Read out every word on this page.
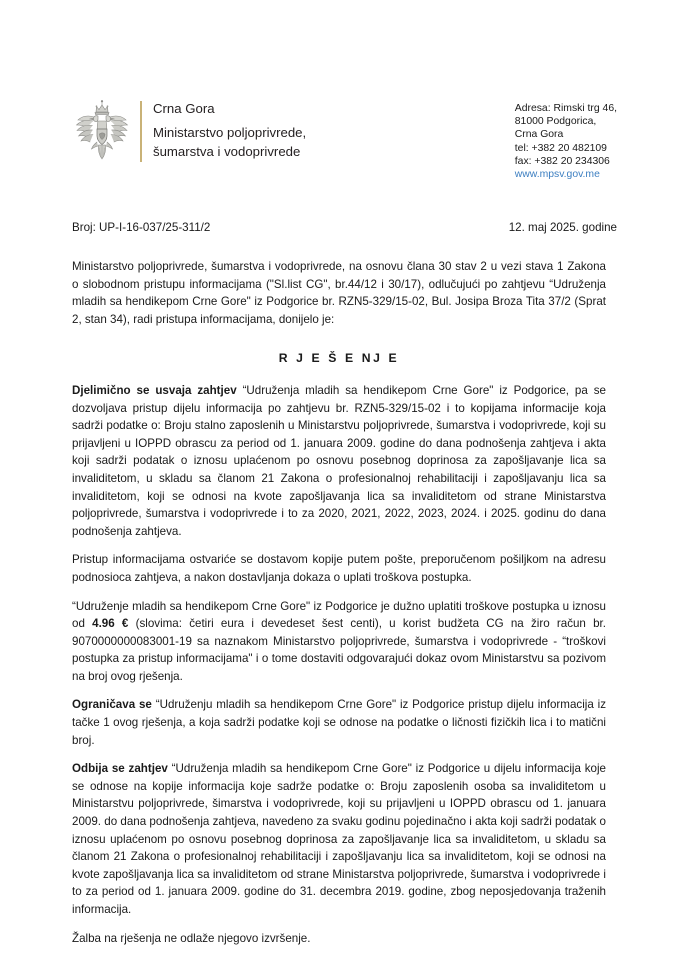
Crna Gora
Ministarstvo poljoprivrede,
šumarstva i vodoprivrede
Adresa: Rimski trg 46,
81000 Podgorica,
Crna Gora
tel: +382 20 482109
fax: +382 20 234306
www.mpsv.gov.me
Broj: UP-I-16-037/25-311/2	12. maj 2025. godine

Ministarstvo poljoprivrede, šumarstva i vodoprivrede, na osnovu člana 30 stav 2 u vezi stava 1 Zakona o slobodnom pristupu informacijama ("Sl.list CG", br.44/12 i 30/17), odlučujući po zahtjevu “Udruženja mladih sa hendikepom Crne Gore" iz Podgorice br. RZN5-329/15-02, Bul. Josipa Broza Tita 37/2 (Sprat 2, stan 34), radi pristupa informacijama, donijelo je:

R J E Š E NJ E

Djelimično se usvaja zahtjev “Udruženja mladih sa hendikepom Crne Gore" iz Podgorice, pa se dozvoljava pristup dijelu informacija po zahtjevu br. RZN5-329/15-02 i to kopijama informacije koja sadrži podatke o: Broju stalno zaposlenih u Ministarstvu poljoprivrede, šumarstva i vodoprivrede, koji su prijavljeni u IOPPD obrascu za period od 1. januara 2009. godine do dana podnošenja zahtjeva i akta koji sadrži podatak o iznosu uplaćenom po osnovu posebnog doprinosa za zapošljavanje lica sa invaliditetom, u skladu sa članom 21 Zakona o profesionalnoj rehabilitaciji i zapošljavanju lica sa invaliditetom, koji se odnosi na kvote zapošljavanja lica sa invaliditetom od strane Ministarstva poljoprivrede, šumarstva i vodoprivrede i to za 2020, 2021, 2022, 2023, 2024. i 2025. godinu do dana podnošenja zahtjeva.

Pristup informacijama ostvariće se dostavom kopije putem pošte, preporučenom pošiljkom na adresu podnosioca zahtjeva, a nakon dostavljanja dokaza o uplati troškova postupka.

“Udruženje mladih sa hendikepom Crne Gore" iz Podgorice je dužno uplatiti troškove postupka u iznosu od 4.96 € (slovima: četiri eura i devedeset šest centi), u korist budžeta CG na žiro račun br. 9070000000083001-19 sa naznakom Ministarstvo poljoprivrede, šumarstva i vodoprivrede - “troškovi postupka za pristup informacijama" i o tome dostaviti odgovarajući dokaz ovom Ministarstvu sa pozivom na broj ovog rješenja.

Ograničava se “Udruženju mladih sa hendikepom Crne Gore" iz Podgorice pristup dijelu informacija iz tačke 1 ovog rješenja, a koja sadrži podatke koji se odnose na podatke o ličnosti fizičkih lica i to matični broj.

Odbija se zahtjev “Udruženja mladih sa hendikepom Crne Gore" iz Podgorice u dijelu informacija koje se odnose na kopije informacija koje sadrže podatke o: Broju zaposlenih osoba sa invaliditetom u Ministarstvu poljoprivrede, šimarstva i vodoprivrede, koji su prijavljeni u IOPPD obrascu od 1. januara 2009. do dana podnošenja zahtjeva, navedeno za svaku godinu pojedinačno i akta koji sadrži podatak o iznosu uplaćenom po osnovu posebnog doprinosa za zapošljavanje lica sa invaliditetom, u skladu sa članom 21 Zakona o profesionalnoj rehabilitaciji i zapošljavanju lica sa invaliditetom, koji se odnosi na kvote zapošljavanja lica sa invaliditetom od strane Ministarstva poljoprivrede, šumarstva i vodoprivrede i to za period od 1. januara 2009. godine do 31. decembra 2019. godine, zbog neposjedovanja traženih informacija.

Žalba na rješenja ne odlaže njegovo izvršenje.
